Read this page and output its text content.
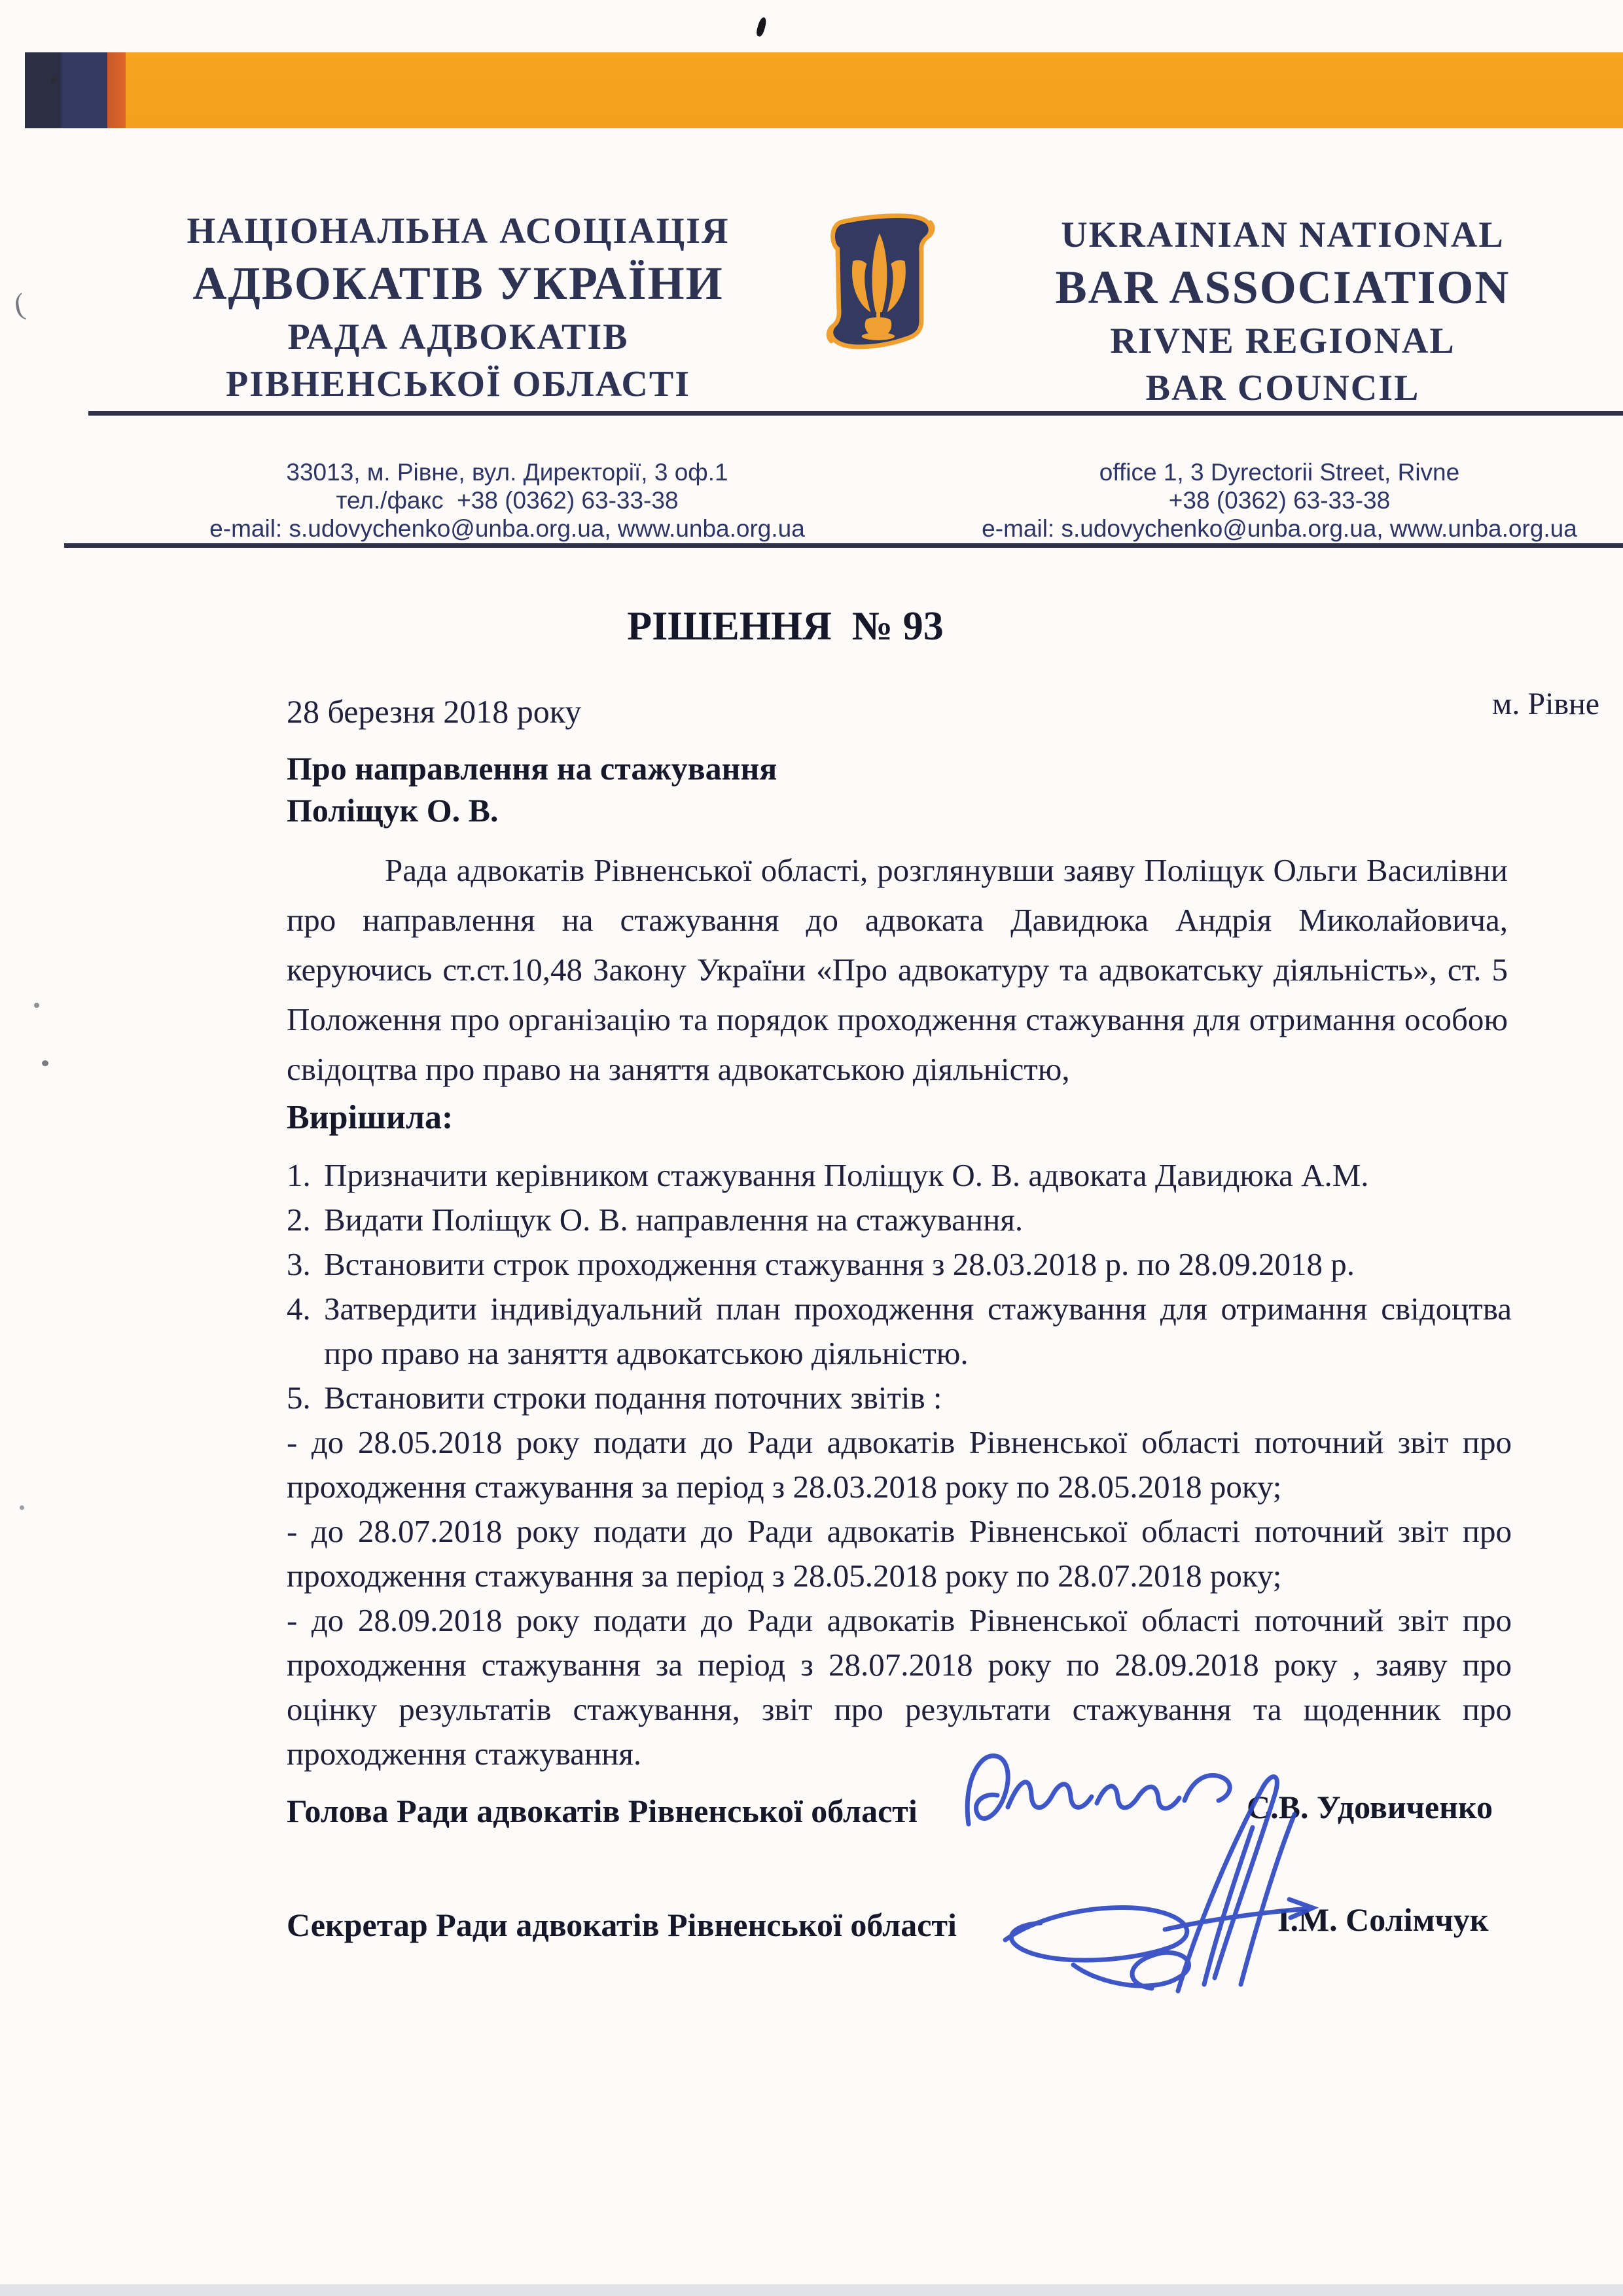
(
НАЦІОНАЛЬНА АСОЦІАЦІЯ
АДВОКАТІВ УКРАЇНИ
РАДА АДВОКАТІВ
РІВНЕНСЬКОЇ ОБЛАСТІ
UKRAINIAN NATIONAL
BAR ASSOCIATION
RIVNE REGIONAL
BAR COUNCIL
33013, м. Рівне, вул. Директорії, 3 оф.1
тел./факс  +38 (0362) 63-33-38
e-mail: s.udovychenko@unba.org.ua, www.unba.org.ua
office 1, 3 Dyrectorii Street, Rivne
+38 (0362) 63-33-38
e-mail: s.udovychenko@unba.org.ua, www.unba.org.ua
РІШЕННЯ  № 93
28 березня 2018 року	м. Рівне
Про направлення на стажування
Поліщук О. В.
Рада адвокатів Рівненської області, розглянувши заяву Поліщук Ольги Василівни про направлення на стажування до адвоката Давидюка Андрія Миколайовича, керуючись ст.ст.10,48 Закону України «Про адвокатуру та адвокатську діяльність», ст. 5 Положення про організацію та порядок проходження стажування для отримання особою свідоцтва про право на заняття адвокатською діяльністю,
Вирішила:
1. Призначити керівником стажування Поліщук О. В. адвоката Давидюка А.М.
2. Видати Поліщук О. В. направлення на стажування.
3. Встановити строк проходження стажування з 28.03.2018 р. по 28.09.2018 р.
4. Затвердити індивідуальний план проходження стажування для отримання свідоцтва про право на заняття адвокатською діяльністю.
5. Встановити строки подання поточних звітів :
- до 28.05.2018 року подати до Ради адвокатів Рівненської області поточний звіт про проходження стажування за період з 28.03.2018 року по 28.05.2018 року;
- до 28.07.2018 року подати до Ради адвокатів Рівненської області поточний звіт про проходження стажування за період з 28.05.2018 року по 28.07.2018 року;
- до 28.09.2018 року подати до Ради адвокатів Рівненської області поточний звіт про проходження стажування за період з 28.07.2018 року по 28.09.2018 року , заяву про оцінку результатів стажування, звіт про результати стажування та щоденник про проходження стажування.
Голова Ради адвокатів Рівненської області	С.В. Удовиченко
Секретар Ради адвокатів Рівненської області	І.М. Солімчук
